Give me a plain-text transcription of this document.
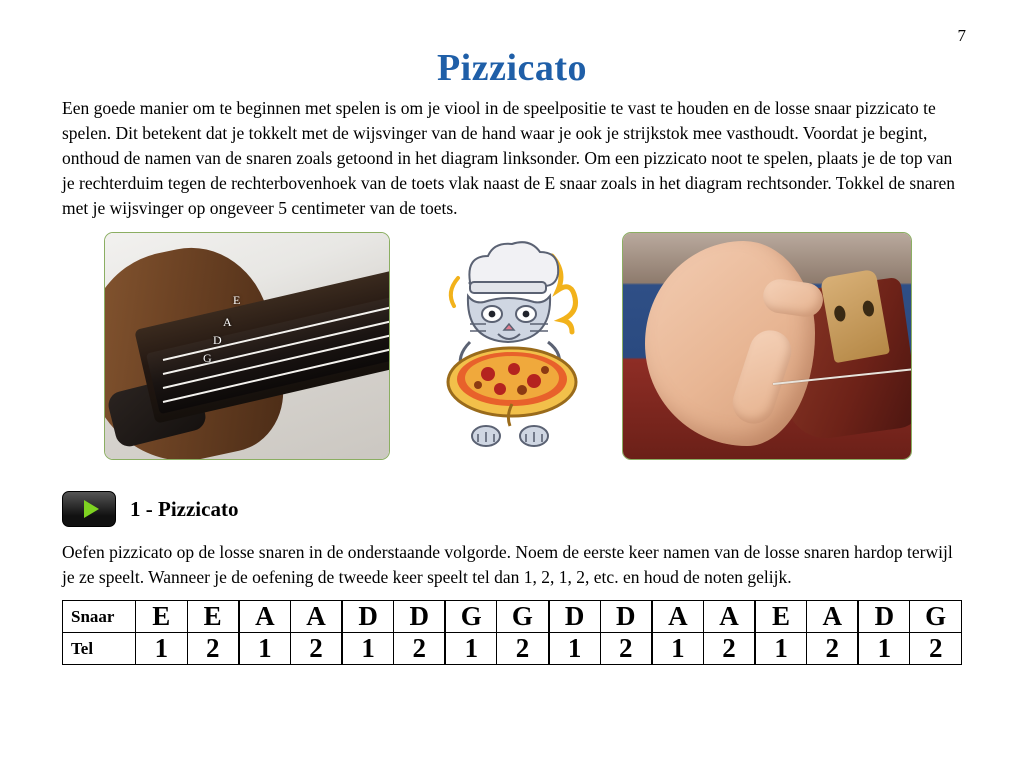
7
Pizzicato
Een goede manier om te beginnen met spelen is om je viool in de speelpositie te vast te houden en de losse snaar pizzicato te spelen. Dit betekent dat je tokkelt met de wijsvinger van de hand waar je ook je strijkstok mee vasthoudt. Voordat je begint, onthoud de namen van de snaren zoals getoond in het diagram linksonder. Om een pizzicato noot te spelen, plaats je de top van je rechterduim tegen de rechterbovenhoek van de toets vlak naast de E snaar zoals in het diagram rechtsonder. Tokkel de snaren met je wijsvinger op ongeveer 5 centimeter van de toets.
E
A
D
G
1 - Pizzicato
Oefen pizzicato op de losse snaren in de onderstaande volgorde. Noem de eerste keer namen van de losse snaren hardop terwijl je ze speelt. Wanneer je de oefening de tweede keer speelt tel dan 1, 2, 1, 2, etc. en houd de noten gelijk.
Snaar	E	E	A	A	D	D	G	G	D	D	A	A	E	A	D	G
Tel	1	2	1	2	1	2	1	2	1	2	1	2	1	2	1	2
